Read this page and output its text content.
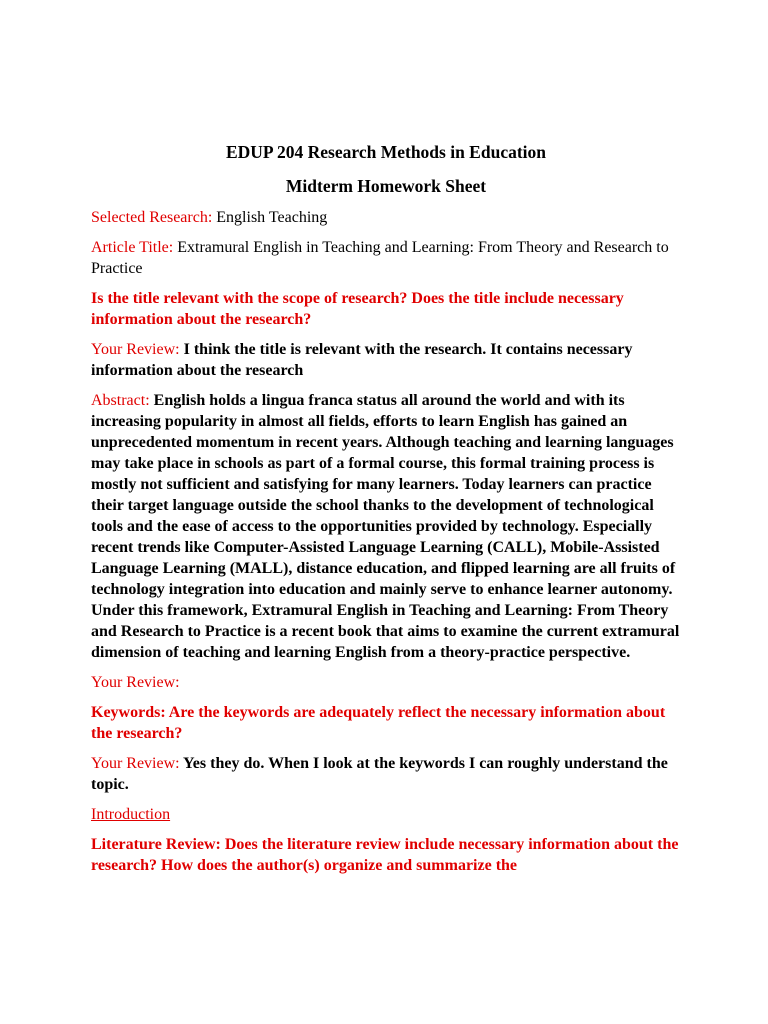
EDUP 204 Research Methods in Education

Midterm Homework Sheet

Selected Research: English Teaching

Article Title: Extramural English in Teaching and Learning: From Theory and Research to Practice

Is the title relevant with the scope of research? Does the title include necessary information about the research?

Your Review: I think the title is relevant with the research. It contains necessary information about the research

Abstract: English holds a lingua franca status all around the world and with its increasing popularity in almost all fields, efforts to learn English has gained an unprecedented momentum in recent years. Although teaching and learning languages may take place in schools as part of a formal course, this formal training process is mostly not sufficient and satisfying for many learners. Today learners can practice their target language outside the school thanks to the development of technological tools and the ease of access to the opportunities provided by technology. Especially recent trends like Computer-Assisted Language Learning (CALL), Mobile-Assisted Language Learning (MALL), distance education, and flipped learning are all fruits of technology integration into education and mainly serve to enhance learner autonomy. Under this framework, Extramural English in Teaching and Learning: From Theory and Research to Practice is a recent book that aims to examine the current extramural dimension of teaching and learning English from a theory-practice perspective.

Your Review:

Keywords: Are the keywords are adequately reflect the necessary information about the research?

Your Review: Yes they do. When I look at the keywords I can roughly understand the topic.

Introduction

Literature Review: Does the literature review include necessary information about the research? How does the author(s) organize and summarize the
